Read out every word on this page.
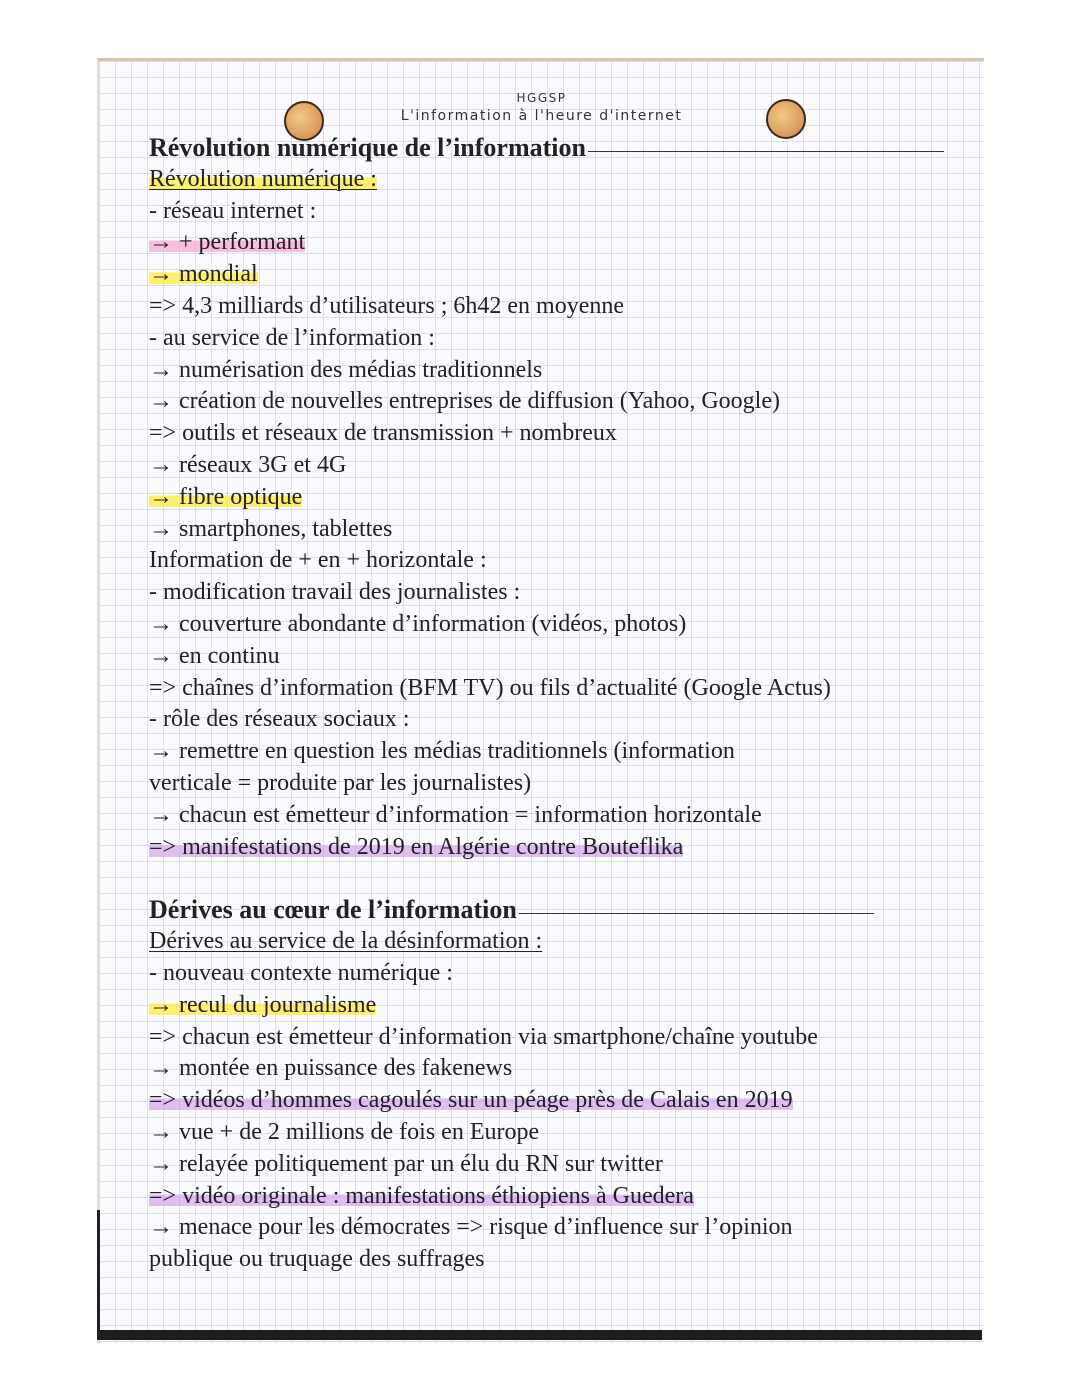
HGGSP
L'information à l'heure d'internet
Révolution numérique de l’information
Révolution numérique :
- réseau internet :
→ + performant
→ mondial
=> 4,3 milliards d’utilisateurs ; 6h42 en moyenne
- au service de l’information :
→ numérisation des médias traditionnels
→ création de nouvelles entreprises de diffusion (Yahoo, Google)
=> outils et réseaux de transmission + nombreux
→ réseaux 3G et 4G
→ fibre optique
→ smartphones, tablettes
Information de + en + horizontale :
- modification travail des journalistes :
→ couverture abondante d’information (vidéos, photos)
→ en continu
=> chaînes d’information (BFM TV) ou fils d’actualité (Google Actus)
- rôle des réseaux sociaux :
→ remettre en question les médias traditionnels (information
verticale = produite par les journalistes)
→ chacun est émetteur d’information = information horizontale
=> manifestations de 2019 en Algérie contre Bouteflika
Dérives au cœur de l’information
Dérives au service de la désinformation :
- nouveau contexte numérique :
→ recul du journalisme
=> chacun est émetteur d’information via smartphone/chaîne youtube
→ montée en puissance des fakenews
=> vidéos d’hommes cagoulés sur un péage près de Calais en 2019
→ vue + de 2 millions de fois en Europe
→ relayée politiquement par un élu du RN sur twitter
=> vidéo originale : manifestations éthiopiens à Guedera
→ menace pour les démocrates => risque d’influence sur l’opinion
publique ou truquage des suffrages
